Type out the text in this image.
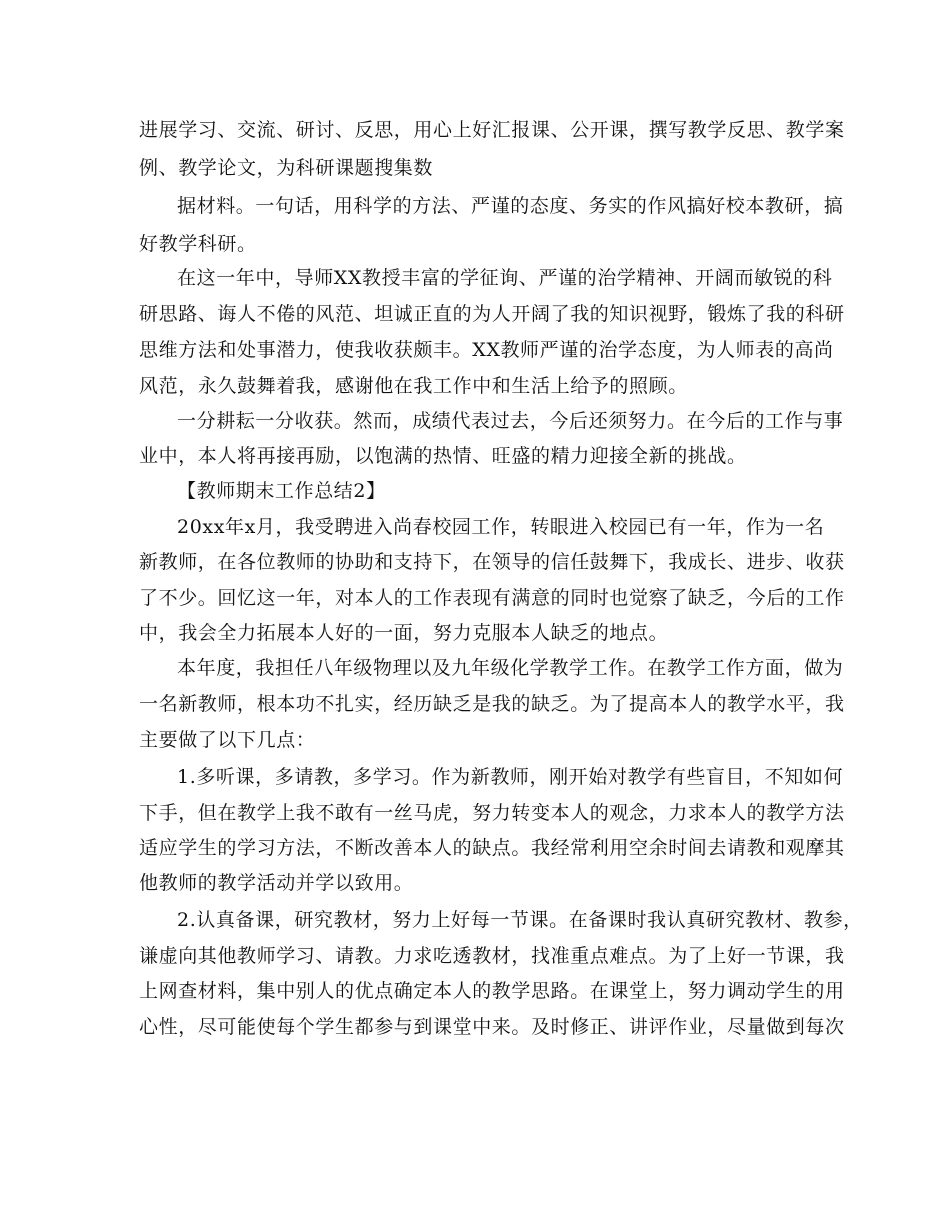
进展学习、交流、研讨、反思，用心上好汇报课、公开课，撰写教学反思、教学案
例、教学论文，为科研课题搜集数
据材料。一句话，用科学的方法、严谨的态度、务实的作风搞好校本教研，搞
好教学科研。
在这一年中，导师XX教授丰富的学征询、严谨的治学精神、开阔而敏锐的科
研思路、诲人不倦的风范、坦诚正直的为人开阔了我的知识视野，锻炼了我的科研
思维方法和处事潜力，使我收获颇丰。XX教师严谨的治学态度，为人师表的高尚
风范，永久鼓舞着我，感谢他在我工作中和生活上给予的照顾。
一分耕耘一分收获。然而，成绩代表过去，今后还须努力。在今后的工作与事
业中，本人将再接再励，以饱满的热情、旺盛的精力迎接全新的挑战。
【教师期末工作总结2】
20xx年x月，我受聘进入尚春校园工作，转眼进入校园已有一年，作为一名
新教师，在各位教师的协助和支持下，在领导的信任鼓舞下，我成长、进步、收获
了不少。回忆这一年，对本人的工作表现有满意的同时也觉察了缺乏，今后的工作
中，我会全力拓展本人好的一面，努力克服本人缺乏的地点。
本年度，我担任八年级物理以及九年级化学教学工作。在教学工作方面，做为
一名新教师，根本功不扎实，经历缺乏是我的缺乏。为了提高本人的教学水平，我
主要做了以下几点：
1.多听课，多请教，多学习。作为新教师，刚开始对教学有些盲目，不知如何
下手，但在教学上我不敢有一丝马虎，努力转变本人的观念，力求本人的教学方法
适应学生的学习方法，不断改善本人的缺点。我经常利用空余时间去请教和观摩其
他教师的教学活动并学以致用。
2.认真备课，研究教材，努力上好每一节课。在备课时我认真研究教材、教参，
谦虚向其他教师学习、请教。力求吃透教材，找准重点难点。为了上好一节课，我
上网查材料，集中别人的优点确定本人的教学思路。在课堂上，努力调动学生的用
心性，尽可能使每个学生都参与到课堂中来。及时修正、讲评作业，尽量做到每次
